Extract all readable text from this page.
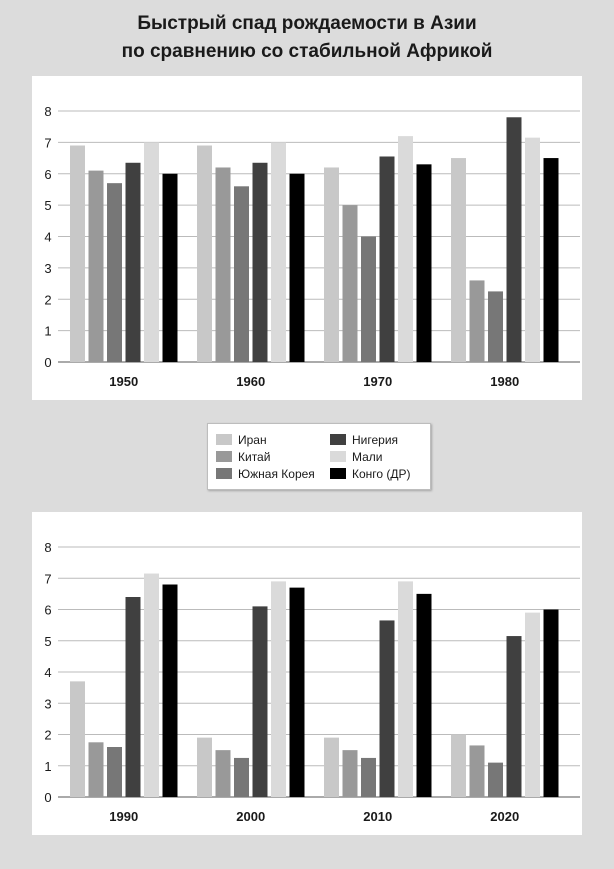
Быстрый спад рождаемости в Азии
по сравнению со стабильной Африкой
0
1
2
3
4
5
6
7
8
1950	1960	1970	1980
Иран
Китай
Южная Корея
Нигерия
Мали
Конго (ДР)
0
1
2
3
4
5
6
7
8
1990	2000	2010	2020
